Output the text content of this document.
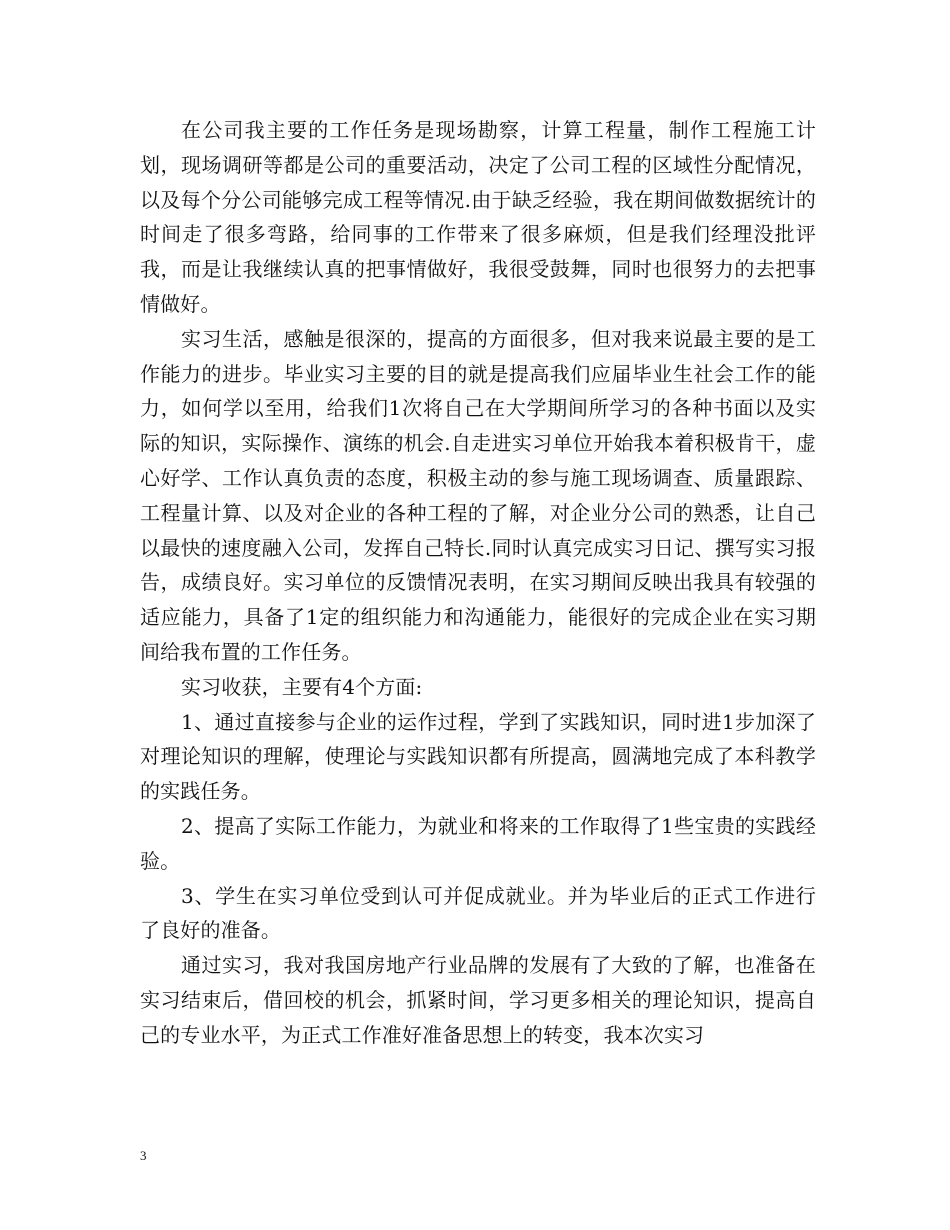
在公司我主要的工作任务是现场勘察，计算工程量，制作工程施工计划，现场调研等都是公司的重要活动，决定了公司工程的区域性分配情况，以及每个分公司能够完成工程等情况.由于缺乏经验，我在期间做数据统计的时间走了很多弯路，给同事的工作带来了很多麻烦，但是我们经理没批评我，而是让我继续认真的把事情做好，我很受鼓舞，同时也很努力的去把事情做好。

实习生活，感触是很深的，提高的方面很多，但对我来说最主要的是工作能力的进步。毕业实习主要的目的就是提高我们应届毕业生社会工作的能力，如何学以至用，给我们1次将自己在大学期间所学习的各种书面以及实际的知识，实际操作、演练的机会.自走进实习单位开始我本着积极肯干，虚心好学、工作认真负责的态度，积极主动的参与施工现场调查、质量跟踪、工程量计算、以及对企业的各种工程的了解，对企业分公司的熟悉，让自己以最快的速度融入公司，发挥自己特长.同时认真完成实习日记、撰写实习报告，成绩良好。实习单位的反馈情况表明，在实习期间反映出我具有较强的适应能力，具备了1定的组织能力和沟通能力，能很好的完成企业在实习期间给我布置的工作任务。

实习收获，主要有4个方面:

1、通过直接参与企业的运作过程，学到了实践知识，同时进1步加深了对理论知识的理解，使理论与实践知识都有所提高，圆满地完成了本科教学的实践任务。

2、提高了实际工作能力，为就业和将来的工作取得了1些宝贵的实践经验。

3、学生在实习单位受到认可并促成就业。并为毕业后的正式工作进行了良好的准备。

通过实习，我对我国房地产行业品牌的发展有了大致的了解，也准备在实习结束后，借回校的机会，抓紧时间，学习更多相关的理论知识，提高自己的专业水平，为正式工作准好准备思想上的转变，我本次实习

3
